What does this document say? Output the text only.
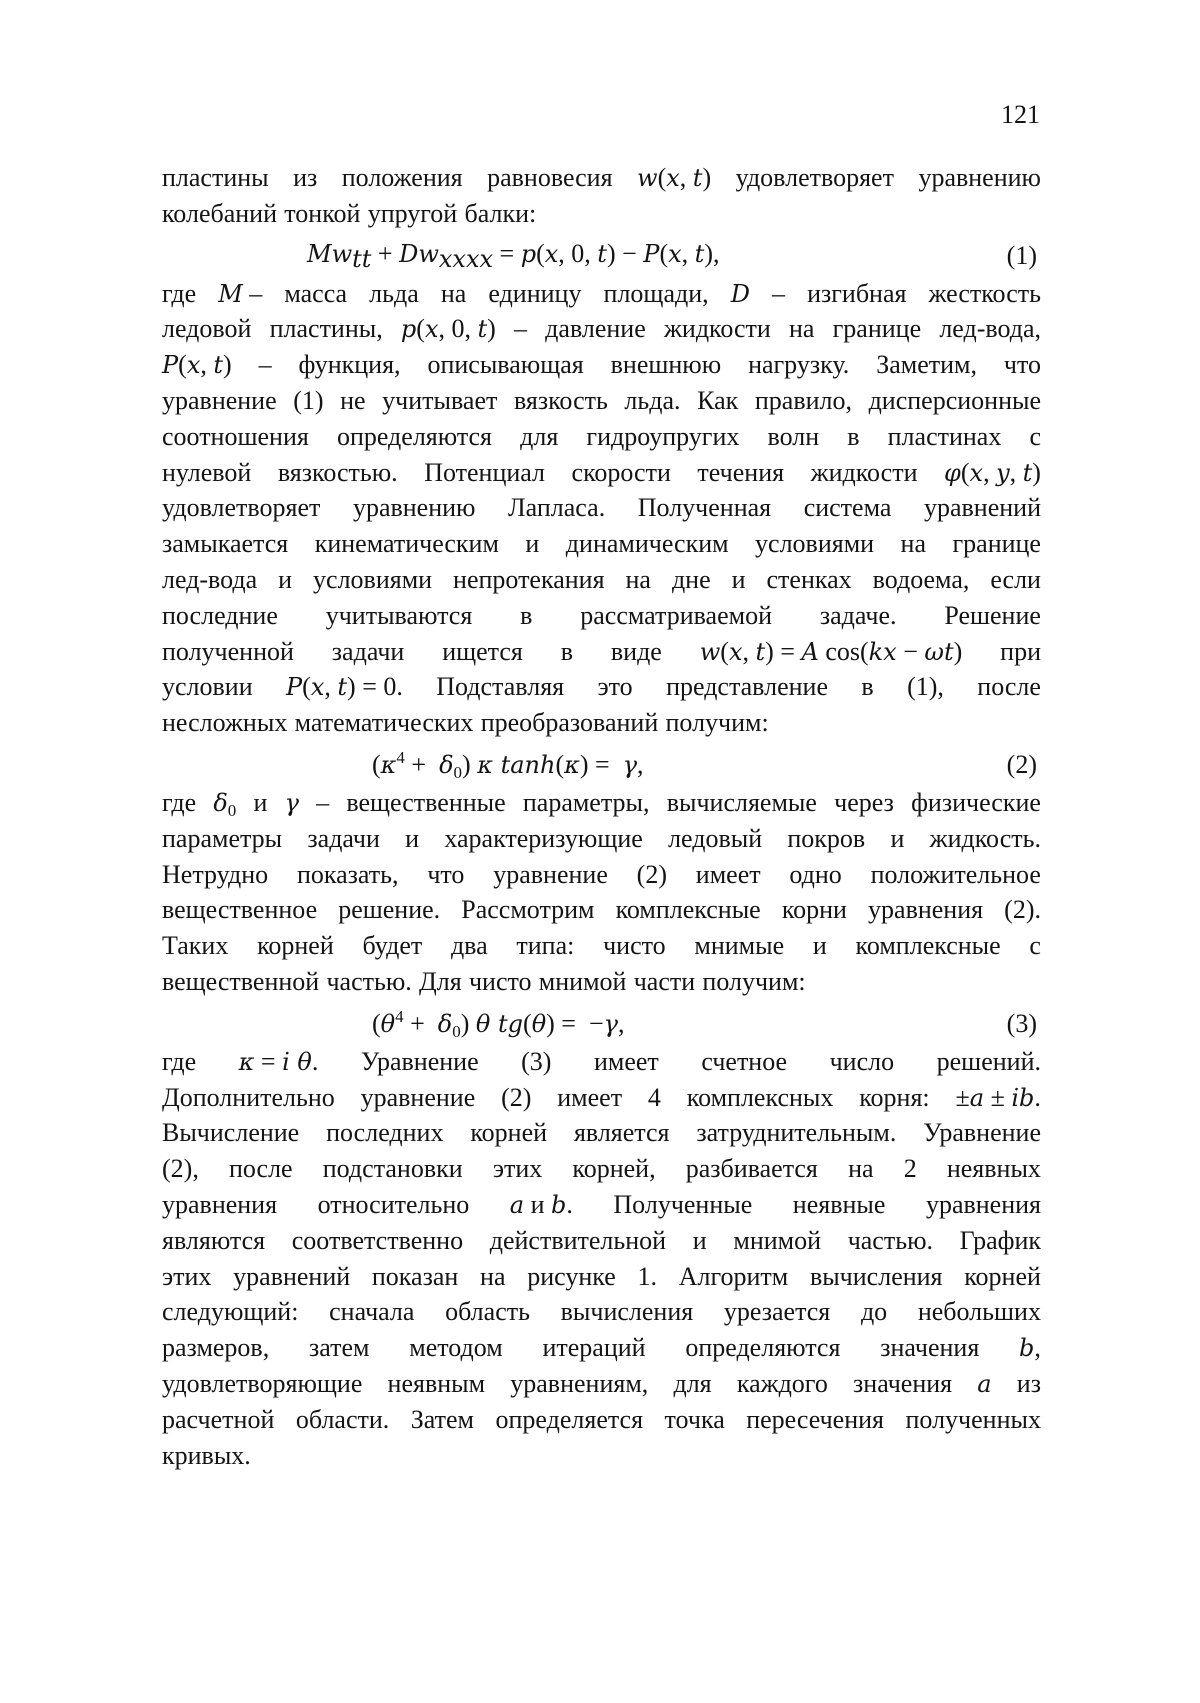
121
пластины из положения равновесия w(x, t) удовлетворяет уравнению
колебаний тонкой упругой балки:
$Mw_{tt} + Dw_{xxxx} = p(x$, 0, t) − P(x, t),	(1)
где M – масса льда на единицу площади, D – изгибная жесткость
ледовой пластины, p(x, 0, t) – давление жидкости на границе лед-вода,
P(x, t) – функция, описывающая внешнюю нагрузку. Заметим, что
уравнение (1) не учитывает вязкость льда. Как правило, дисперсионные
соотношения определяются для гидроупругих волн в пластинах с
нулевой вязкостью. Потенциал скорости течения жидкости φ(x, y, t)
удовлетворяет уравнению Лапласа. Полученная система уравнений
замыкается кинематическим и динамическим условиями на границе
лед-вода и условиями непротекания на дне и стенках водоема, если
последние учитываются в рассматриваемой задаче. Решение
полученной задачи ищется в виде w(x, t) = A cos(kx − ωt) при
условии P(x, t) = 0. Подставляя это представление в (1), после
несложных математических преобразований получим:
$(\kappa^4 + \delta_0)$ κ tanh(κ) =  γ,	(2)
где $\delta_0$ и γ – вещественные параметры, вычисляемые через физические
параметры задачи и характеризующие ледовый покров и жидкость.
Нетрудно показать, что уравнение (2) имеет одно положительное
вещественное решение. Рассмотрим комплексные корни уравнения (2).
Таких корней будет два типа: чисто мнимые и комплексные с
вещественной частью. Для чисто мнимой части получим:
$(\theta^4 + \delta_0)$ θ tg(θ) =  −γ,	(3)
где κ = i θ. Уравнение (3) имеет счетное число решений.
Дополнительно уравнение (2) имеет 4 комплексных корня: ±a ± ib.
Вычисление последних корней является затруднительным. Уравнение
(2), после подстановки этих корней, разбивается на 2 неявных
уравнения относительно a и b. Полученные неявные уравнения
являются соответственно действительной и мнимой частью. График
этих уравнений показан на рисунке 1. Алгоритм вычисления корней
следующий: сначала область вычисления урезается до небольших
размеров, затем методом итераций определяются значения b,
удовлетворяющие неявным уравнениям, для каждого значения a из
расчетной области. Затем определяется точка пересечения полученных
кривых.
